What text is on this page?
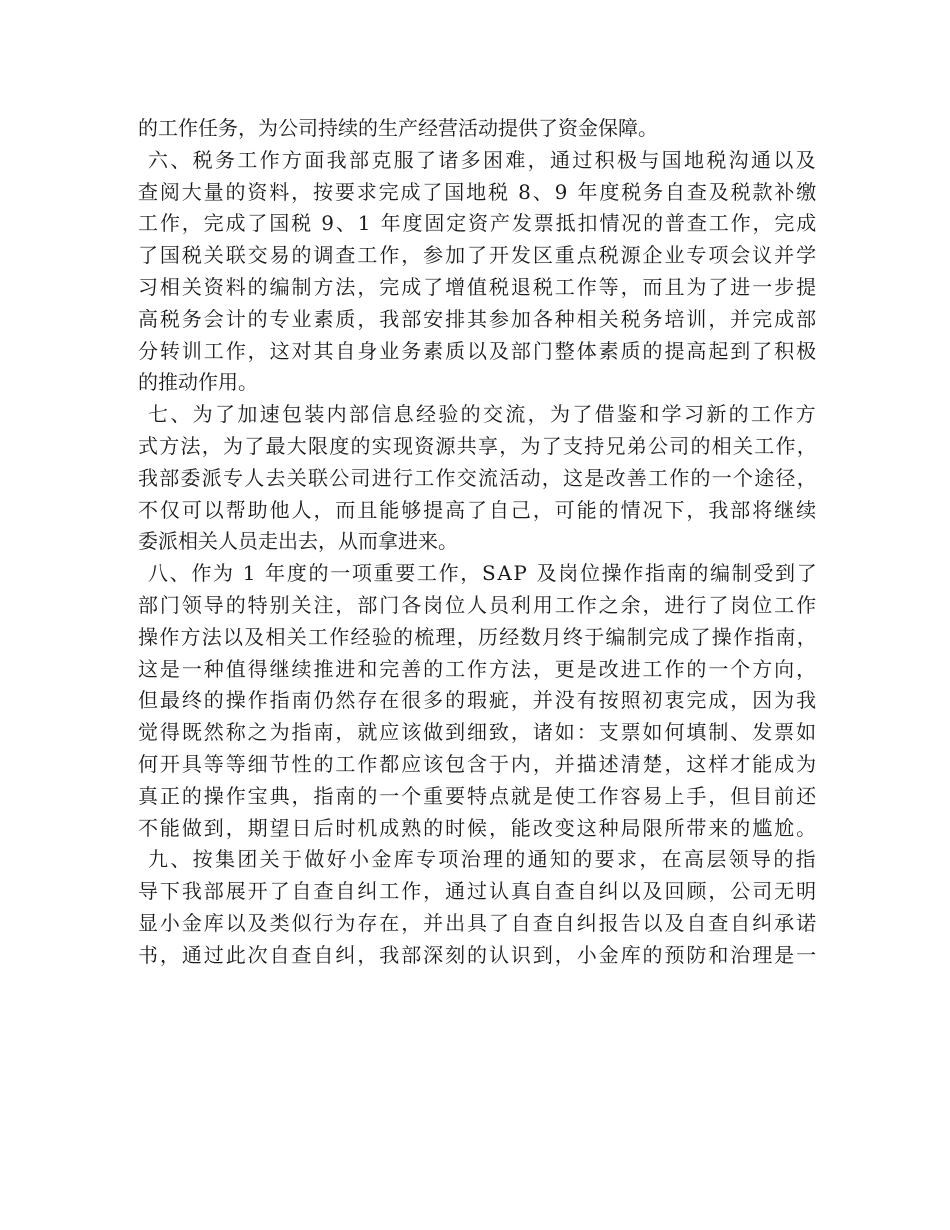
的工作任务，为公司持续的生产经营活动提供了资金保障。
六、税务工作方面我部克服了诸多困难，通过积极与国地税沟通以及
查阅大量的资料，按要求完成了国地税 8、9 年度税务自查及税款补缴
工作，完成了国税 9、1 年度固定资产发票抵扣情况的普查工作，完成
了国税关联交易的调查工作，参加了开发区重点税源企业专项会议并学
习相关资料的编制方法，完成了增值税退税工作等，而且为了进一步提
高税务会计的专业素质，我部安排其参加各种相关税务培训，并完成部
分转训工作，这对其自身业务素质以及部门整体素质的提高起到了积极
的推动作用。
七、为了加速包装内部信息经验的交流，为了借鉴和学习新的工作方
式方法，为了最大限度的实现资源共享，为了支持兄弟公司的相关工作，
我部委派专人去关联公司进行工作交流活动，这是改善工作的一个途径，
不仅可以帮助他人，而且能够提高了自己，可能的情况下，我部将继续
委派相关人员走出去，从而拿进来。
八、作为 1 年度的一项重要工作，SAP 及岗位操作指南的编制受到了
部门领导的特别关注，部门各岗位人员利用工作之余，进行了岗位工作
操作方法以及相关工作经验的梳理，历经数月终于编制完成了操作指南，
这是一种值得继续推进和完善的工作方法，更是改进工作的一个方向，
但最终的操作指南仍然存在很多的瑕疵，并没有按照初衷完成，因为我
觉得既然称之为指南，就应该做到细致，诸如：支票如何填制、发票如
何开具等等细节性的工作都应该包含于内，并描述清楚，这样才能成为
真正的操作宝典，指南的一个重要特点就是使工作容易上手，但目前还
不能做到，期望日后时机成熟的时候，能改变这种局限所带来的尴尬。
九、按集团关于做好小金库专项治理的通知的要求，在高层领导的指
导下我部展开了自查自纠工作，通过认真自查自纠以及回顾，公司无明
显小金库以及类似行为存在，并出具了自查自纠报告以及自查自纠承诺
书，通过此次自查自纠，我部深刻的认识到，小金库的预防和治理是一
